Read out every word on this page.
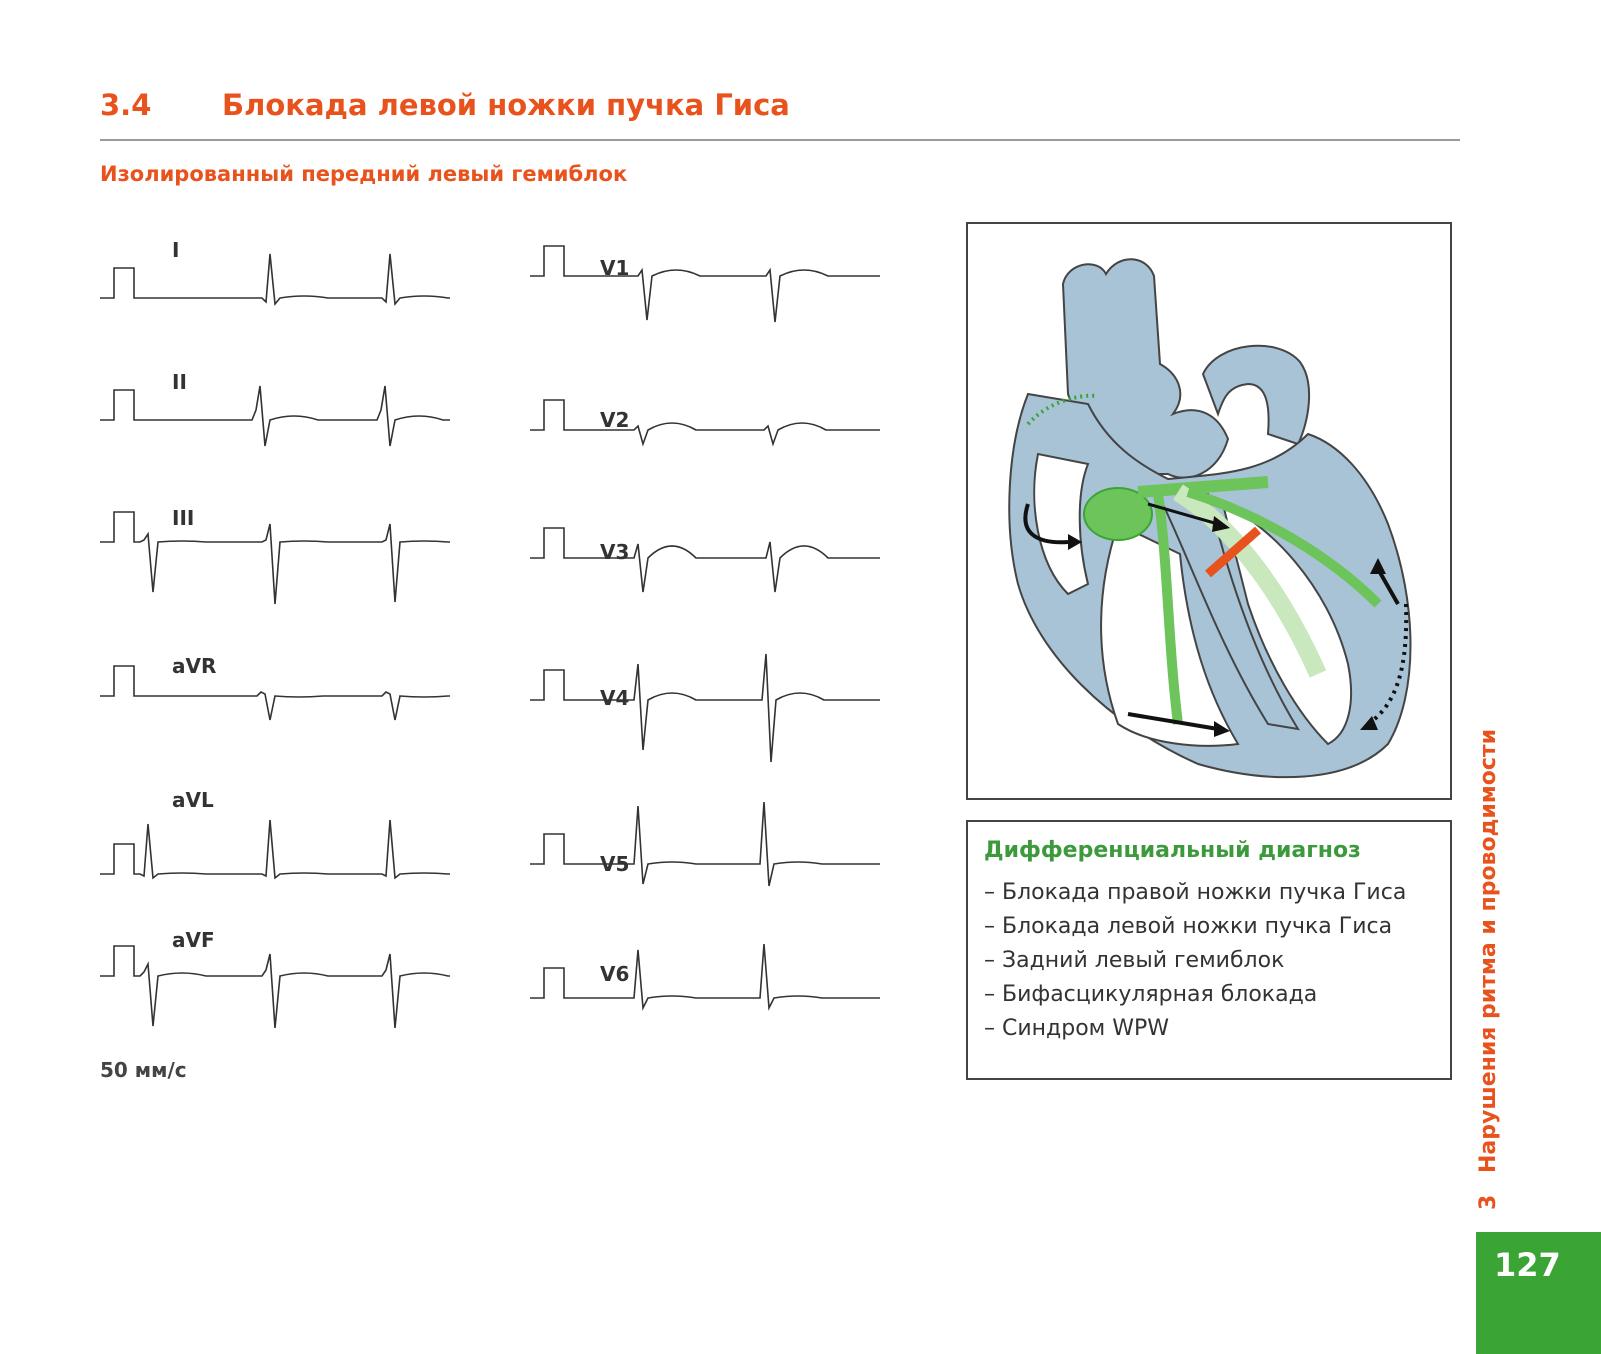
3.4 Блокада левой ножки пучка Гиса
Изолированный передний левый гемиблок
I
II
III
aVR
aVL
aVF
V1
V2
V3
V4
V5
V6
50 мм/с
Дифференциальный диагноз
– Блокада правой ножки пучка Гиса
– Блокада левой ножки пучка Гиса
– Задний левый гемиблок
– Бифасцикулярная блокада
– Синдром WPW
3 Нарушения ритма и проводимости
127
